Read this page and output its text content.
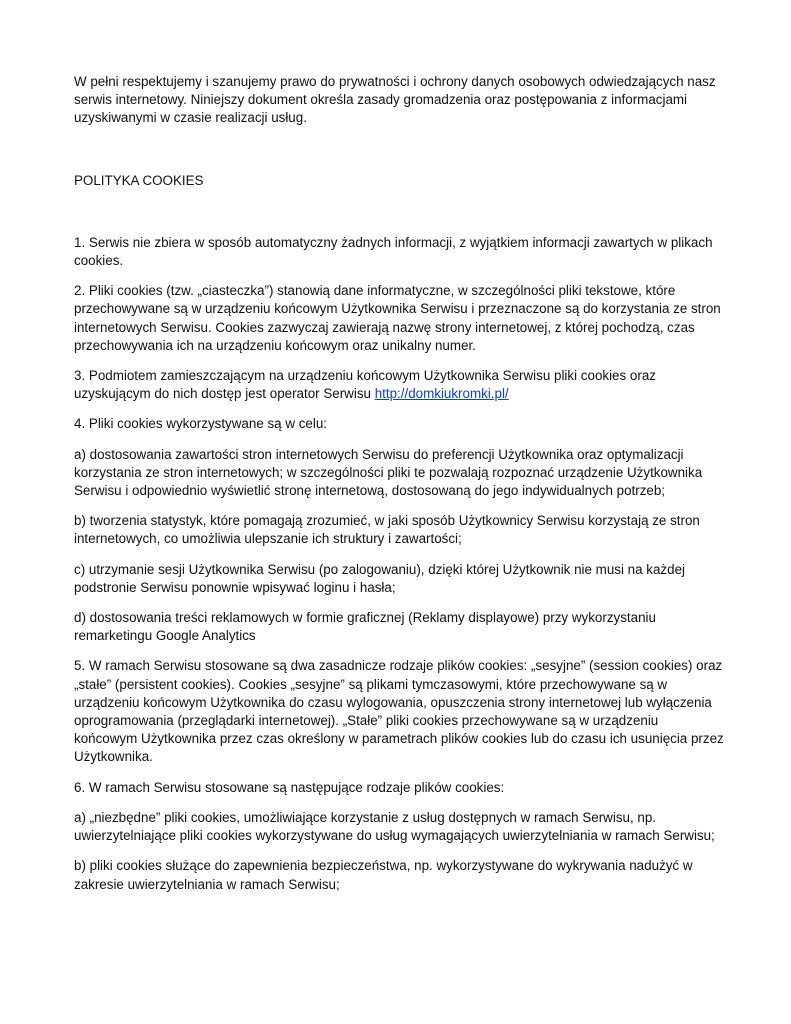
W pełni respektujemy i szanujemy prawo do prywatności i ochrony danych osobowych odwiedzających nasz serwis internetowy. Niniejszy dokument określa zasady gromadzenia oraz postępowania z informacjami uzyskiwanymi w czasie realizacji usług.

POLITYKA COOKIES

1. Serwis nie zbiera w sposób automatyczny żadnych informacji, z wyjątkiem informacji zawartych w plikach cookies.

2. Pliki cookies (tzw. „ciasteczka”) stanowią dane informatyczne, w szczególności pliki tekstowe, które przechowywane są w urządzeniu końcowym Użytkownika Serwisu i przeznaczone są do korzystania ze stron internetowych Serwisu. Cookies zazwyczaj zawierają nazwę strony internetowej, z której pochodzą, czas przechowywania ich na urządzeniu końcowym oraz unikalny numer.

3. Podmiotem zamieszczającym na urządzeniu końcowym Użytkownika Serwisu pliki cookies oraz uzyskującym do nich dostęp jest operator Serwisu http://domkiukromki.pl/

4. Pliki cookies wykorzystywane są w celu:

a) dostosowania zawartości stron internetowych Serwisu do preferencji Użytkownika oraz optymalizacji korzystania ze stron internetowych; w szczególności pliki te pozwalają rozpoznać urządzenie Użytkownika Serwisu i odpowiednio wyświetlić stronę internetową, dostosowaną do jego indywidualnych potrzeb;

b) tworzenia statystyk, które pomagają zrozumieć, w jaki sposób Użytkownicy Serwisu korzystają ze stron internetowych, co umożliwia ulepszanie ich struktury i zawartości;

c) utrzymanie sesji Użytkownika Serwisu (po zalogowaniu), dzięki której Użytkownik nie musi na każdej podstronie Serwisu ponownie wpisywać loginu i hasła;

d) dostosowania treści reklamowych w formie graficznej (Reklamy displayowe) przy wykorzystaniu remarketingu Google Analytics

5. W ramach Serwisu stosowane są dwa zasadnicze rodzaje plików cookies: „sesyjne” (session cookies) oraz „stałe” (persistent cookies). Cookies „sesyjne” są plikami tymczasowymi, które przechowywane są w urządzeniu końcowym Użytkownika do czasu wylogowania, opuszczenia strony internetowej lub wyłączenia oprogramowania (przeglądarki internetowej). „Stałe” pliki cookies przechowywane są w urządzeniu końcowym Użytkownika przez czas określony w parametrach plików cookies lub do czasu ich usunięcia przez Użytkownika.

6. W ramach Serwisu stosowane są następujące rodzaje plików cookies:

a) „niezbędne” pliki cookies, umożliwiające korzystanie z usług dostępnych w ramach Serwisu, np. uwierzytelniające pliki cookies wykorzystywane do usług wymagających uwierzytelniania w ramach Serwisu;

b) pliki cookies służące do zapewnienia bezpieczeństwa, np. wykorzystywane do wykrywania nadużyć w zakresie uwierzytelniania w ramach Serwisu;
